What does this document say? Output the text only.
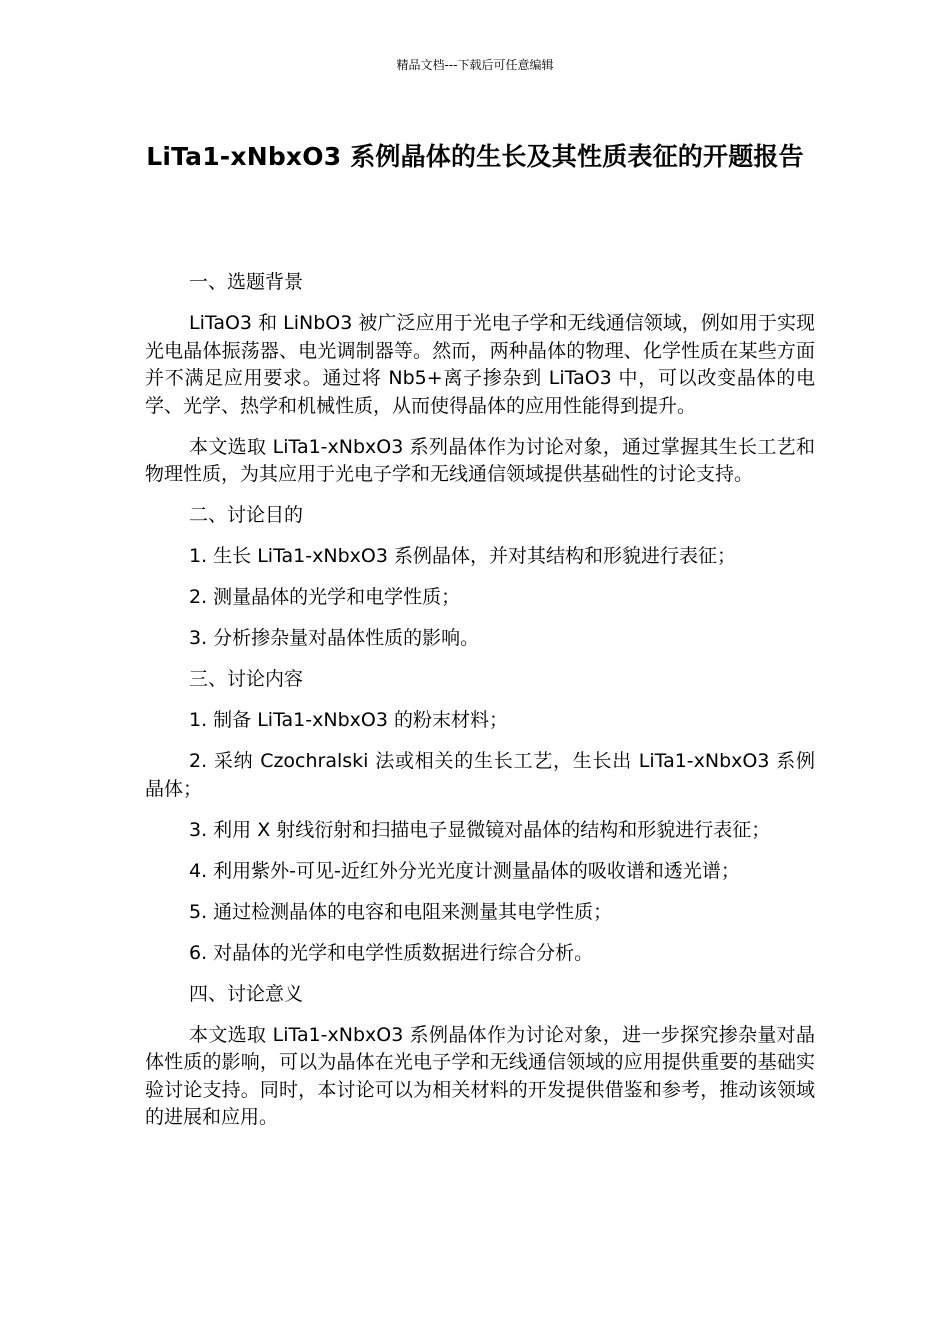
精品文档---下载后可任意编辑
LiTa1-xNbxO3 系例晶体的生长及其性质表征的开题报告

一、选题背景

LiTaO3 和 LiNbO3 被广泛应用于光电子学和无线通信领域，例如用于实现光电晶体振荡器、电光调制器等。然而，两种晶体的物理、化学性质在某些方面并不满足应用要求。通过将 Nb5+离子掺杂到 LiTaO3 中，可以改变晶体的电学、光学、热学和机械性质，从而使得晶体的应用性能得到提升。

本文选取 LiTa1-xNbxO3 系列晶体作为讨论对象，通过掌握其生长工艺和物理性质，为其应用于光电子学和无线通信领域提供基础性的讨论支持。

二、讨论目的

1. 生长 LiTa1-xNbxO3 系例晶体，并对其结构和形貌进行表征；

2. 测量晶体的光学和电学性质；

3. 分析掺杂量对晶体性质的影响。

三、讨论内容

1. 制备 LiTa1-xNbxO3 的粉末材料；

2. 采纳 Czochralski 法或相关的生长工艺，生长出 LiTa1-xNbxO3 系例晶体；

3. 利用 X 射线衍射和扫描电子显微镜对晶体的结构和形貌进行表征；

4. 利用紫外-可见-近红外分光光度计测量晶体的吸收谱和透光谱；

5. 通过检测晶体的电容和电阻来测量其电学性质；

6. 对晶体的光学和电学性质数据进行综合分析。

四、讨论意义

本文选取 LiTa1-xNbxO3 系例晶体作为讨论对象，进一步探究掺杂量对晶体性质的影响，可以为晶体在光电子学和无线通信领域的应用提供重要的基础实验讨论支持。同时，本讨论可以为相关材料的开发提供借鉴和参考，推动该领域的进展和应用。
